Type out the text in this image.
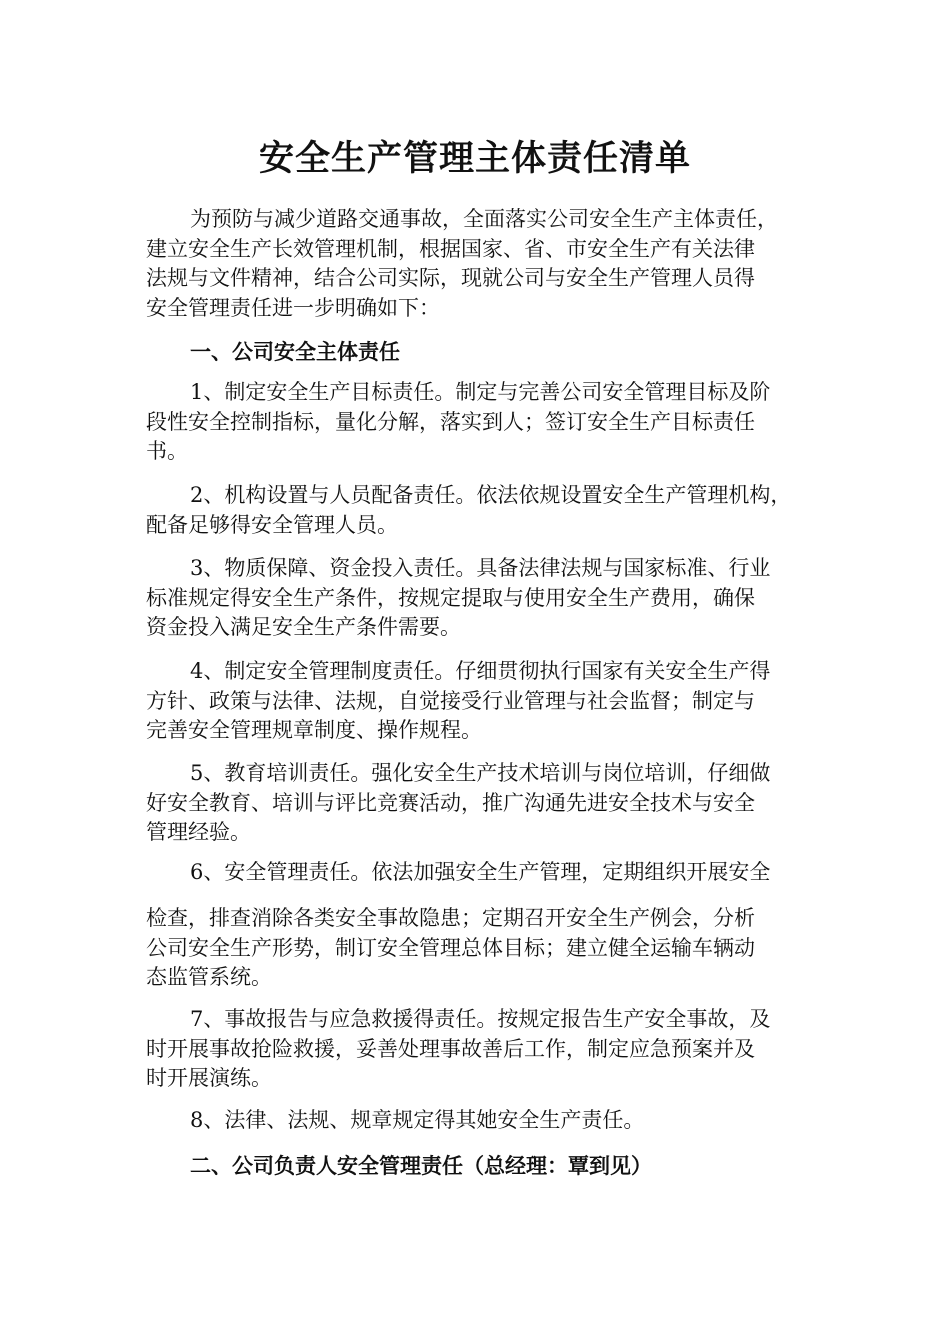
安全生产管理主体责任清单

为预防与减少道路交通事故，全面落实公司安全生产主体责任，
建立安全生产长效管理机制，根据国家、省、市安全生产有关法律
法规与文件精神，结合公司实际，现就公司与安全生产管理人员得
安全管理责任进一步明确如下：

一、公司安全主体责任

1、制定安全生产目标责任。制定与完善公司安全管理目标及阶
段性安全控制指标，量化分解，落实到人；签订安全生产目标责任
书。

2、机构设置与人员配备责任。依法依规设置安全生产管理机构，
配备足够得安全管理人员。

3、物质保障、资金投入责任。具备法律法规与国家标准、行业
标准规定得安全生产条件，按规定提取与使用安全生产费用，确保
资金投入满足安全生产条件需要。

4、制定安全管理制度责任。仔细贯彻执行国家有关安全生产得
方针、政策与法律、法规，自觉接受行业管理与社会监督；制定与
完善安全管理规章制度、操作规程。

5、教育培训责任。强化安全生产技术培训与岗位培训，仔细做
好安全教育、培训与评比竞赛活动，推广沟通先进安全技术与安全
管理经验。

6、安全管理责任。依法加强安全生产管理，定期组织开展安全

检查，排查消除各类安全事故隐患；定期召开安全生产例会，分析
公司安全生产形势，制订安全管理总体目标；建立健全运输车辆动
态监管系统。

7、事故报告与应急救援得责任。按规定报告生产安全事故，及
时开展事故抢险救援，妥善处理事故善后工作，制定应急预案并及
时开展演练。

8、法律、法规、规章规定得其她安全生产责任。

二、公司负责人安全管理责任（总经理：覃到见）
